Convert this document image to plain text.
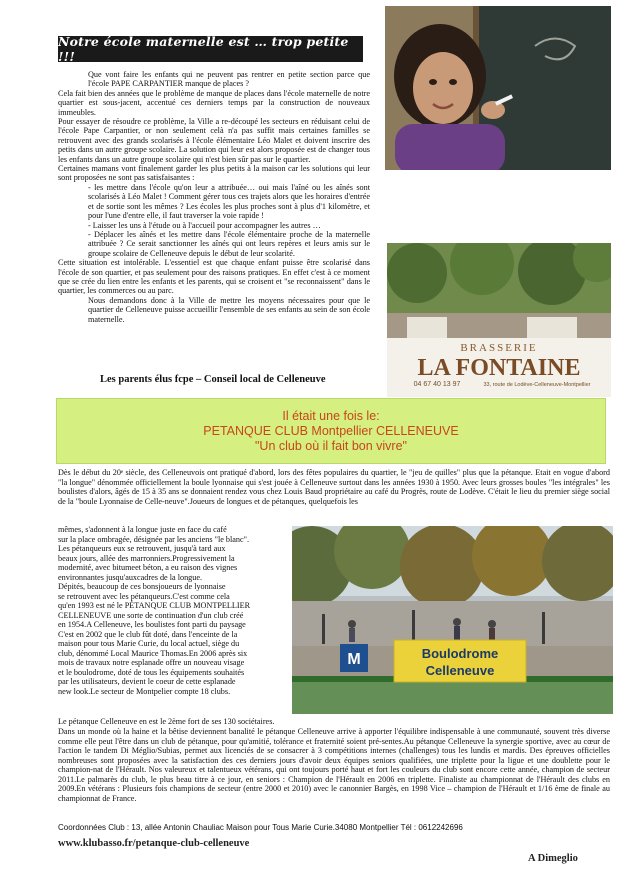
Notre école maternelle est … trop petite !!!

Que vont faire les enfants qui ne peuvent pas rentrer en petite section parce que l'école PAPE CARPANTIER manque de places ?

Cela fait bien des années que le problème de manque de places dans l'école maternelle de notre quartier est sous-jacent, accentué ces derniers temps par la construction de nouveaux immeubles.

Pour essayer de résoudre ce problème, la Ville a re-découpé les secteurs en réduisant celui de l'école Pape Carpantier, or non seulement celà n'a pas suffit mais certaines familles se retrouvent avec des grands scolarisés à l'école élémentaire Léo Malet et doivent inscrire des petits dans un autre groupe scolaire. La solution qui leur est alors proposée est de changer tous les enfants dans un autre groupe scolaire qui n'est bien sûr pas sur le quartier.

Certaines mamans vont finalement garder les plus petits à la maison car les solutions qui leur sont proposées ne sont pas satisfaisantes :

- les mettre dans l'école qu'on leur a attribuée… oui mais l'aîné ou les aînés sont scolarisés à Léo Malet ! Comment gérer tous ces trajets alors que les horaires d'entrée et de sortie sont les mêmes ? Les écoles les plus proches sont à plus d'1 kilomètre, et pour l'une d'entre elle, il faut traverser la voie rapide !

- Laisser les uns à l'étude ou à l'accueil pour accompagner les autres …

- Déplacer les aînés et les mettre dans l'école élémentaire proche de la maternelle attribuée ? Ce serait sanctionner les aînés qui ont leurs repères et leurs amis sur le groupe scolaire de Celleneuve depuis le début de leur scolarité.

Cette situation est intolérable. L'essentiel est que chaque enfant puisse être scolarisé dans l'école de son quartier, et pas seulement pour des raisons pratiques. En effet c'est à ce moment que se crée du lien entre les enfants et les parents, qui se croisent et "se reconnaissent" dans le quartier, les commerces ou au parc.

Nous demandons donc à la Ville de mettre les moyens nécessaires pour que le quartier de Celleneuve puisse accueillir l'ensemble de ses enfants au sein de son école maternelle.

Les parents élus fcpe – Conseil local de Celleneuve
BRASSERIE
LA FONTAINE
33, route de Lodève-Celleneuve-Montpellier
04 67 40 13 97
Il était une fois le:
PETANQUE CLUB Montpellier CELLENEUVE
"Un club où il fait bon vivre"
Dès le début du 20ᵉ siècle, des Celleneuvois ont pratiqué d'abord, lors des fêtes populaires du quartier, le "jeu de quilles" plus que la pétanque. Etait en vogue d'abord "la longue" dénommée officiellement la boule lyonnaise qui s'est jouée à Celleneuve surtout dans les années 1930 à 1950. Avec leurs grosses boules "les intégrales" les boulistes d'alors, âgés de 15 à 35 ans se donnaient rendez vous chez Louis Baud propriétaire au café du Progrès, route de Lodève. C'était le lieu du premier siège social de la "boule Lyonnaise de Celle-neuve".Joueurs de longues et de pétanques, quelquefois les
mêmes, s'adonnent à la longue juste en face du café
sur la place ombragée, désignée par les anciens "le blanc".
Les pétanqueurs eux se retrouvent, jusqu'à tard aux
beaux jours, allée des marronniers.Progressivement la
modernité, avec bitumeet béton, a eu raison des vignes
environnantes jusqu'auxcadres de la longue.
Dépités, beaucoup de ces bonsjoueurs de lyonnaise
se retrouvent avec les pétanqueurs.C'est comme cela
qu'en 1993 est né le PÉTANQUE CLUB MONTPELLIER
CELLENEUVE une sorte de continuation d'un club créé
en 1954.A Celleneuve, les boulistes font parti du paysage
C'est en 2002 que le club fût doté, dans l'enceinte de la
maison pour tous Marie Curie, du local actuel, siège du
club, dénommé Local Maurice Thomas.En 2006 après six
mois de travaux notre esplanade offre un nouveau visage
et le boulodrome, doté de tous les équipements souhaités
par les utilisateurs, devient le coeur de cette esplanade
new look.Le secteur de Montpelier compte 18 clubs.
M	Boulodrome
Celleneuve
Le pétanque Celleneuve en est le 2ème fort de ses 130 sociétaires.
Dans un monde où la haine et la bêtise deviennent banalité le pétanque Celleneuve arrive à apporter l'équilibre indispensable à une communauté, souvent très diverse comme elle peut l'être dans un club de pétanque, pour qu'amitié, tolérance et fraternité soient pré-sentes.Au pétanque Celleneuve la synergie sportive, avec au cœur de l'action le tandem Di Méglio/Subias, permet aux licenciés de se consacrer à 3 compétitions internes (challenges) tous les lundis et mardis. Des épreuves officielles nombreuses sont proposées avec la satisfaction des ces derniers jours d'avoir deux équipes seniors qualifiées, une triplette pour la ligue et une doublette pour le champion-nat de l'Hérault. Nos valeureux et talentueux vétérans, qui ont toujours porté haut et fort les couleurs du club sont encore cette année, champion de secteur 2011.Le palmarès du club, le plus beau titre à ce jour, en seniors : Champion de l'Hérault en 2006 en triplette. Finaliste au championnat de l'Hérault des clubs en 2009.En vétérans : Plusieurs fois champions de secteur (entre 2000 et 2010) avec le canonnier Bargès, en 1998 Vice – champion de l'Hérault et 1/16 ème de finale au championnat de France.
Coordonnées Club : 13, allée Antonin Chauliac Maison pour Tous Marie Curie.34080 Montpellier Tél : 0612242696
www.klubasso.fr/petanque-club-celleneuve
A Dimeglio
